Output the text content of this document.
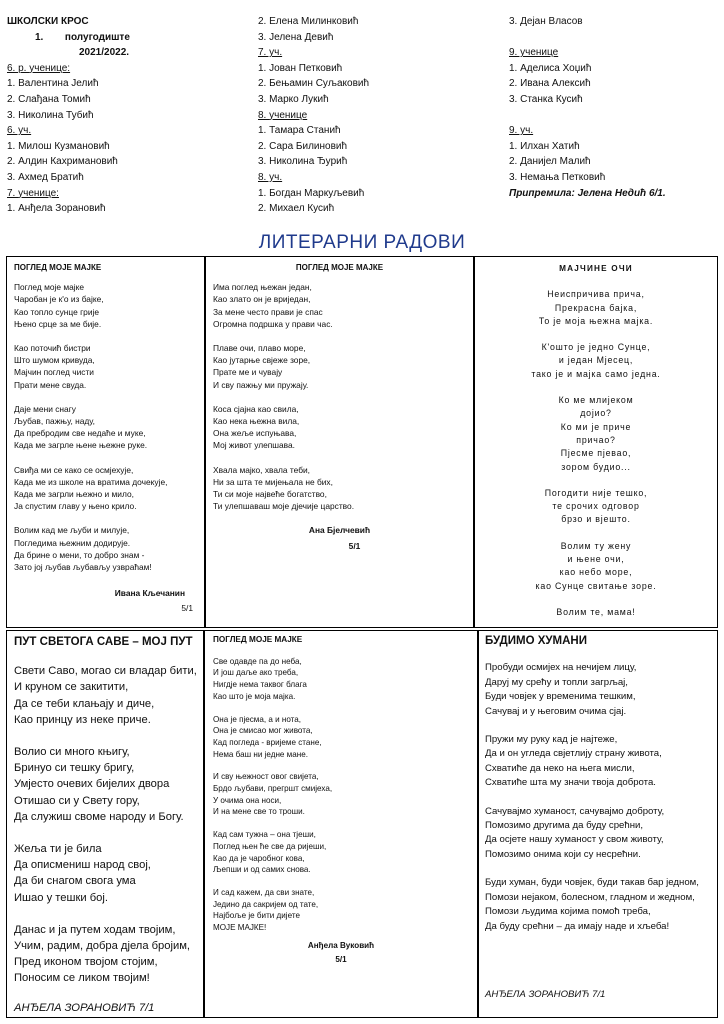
ШКОЛСКИ КРОС
1. полугодиште
2021/2022.
6. р. ученице:
1. Валентина Јелић
2. Слађана Томић
3. Николина Тубић
6. уч.
1. Милош Кузмановић
2. Алдин Кахримановић
3. Ахмед Братић
7. ученице:
1. Анђела Зорановић
2. Елена Милинковић
3. Јелена Девић
7. уч.
1. Јован Петковић
2. Бењамин Суљаковић
3. Марко Лукић
8. ученице
1. Тамара Станић
2. Сара Билиновић
3. Николина Ђурић
8. уч.
1. Богдан Маркуљевић
2. Михаел Кусић
3. Дејан Власов
9. ученице
1. Аделиса Хоџић
2. Ивана Алексић
3. Станка Кусић
9. уч.
1. Илхан Хатић
2. Данијел Малић
3. Немања Петковић
Припремила: Јелена Недић 6/1.
ЛИТЕРАРНИ РАДОВИ
ПОГЛЕД МОЈЕ МАЈКЕ
Поглед моје мајке
Чаробан је к'о из бајке,
Као топло сунце грије
Њено срце за ме бије.
Као поточић бистри
Што шумом кривуда,
Мајчин поглед чисти
Прати мене свуда.
Даје мени снагу
Љубав, пажњу, наду,
Да пребродим све недаће и муке,
Када ме загрле њене њежне руке.
Свиђа ми се како се осмјехује,
Када ме из школе на вратима дочекује,
Када ме загрли њежно и мило,
Ја спустим главу у њено крило.
Волим кад ме љуби и милује,
Погледима њежним додирује.
Да брине о мени, то добро знам -
Зато јој љубав љубављу узвраћам!
Ивана Кљечанин
5/1
ПОГЛЕД МОЈЕ МАЈКЕ
Има поглед њежан један,
Као злато он је вриједан,
За мене често прави је спас
Огромна подршка у прави час.
Плаве очи, плаво море,
Као јутарње свјеже зоре,
Прате ме и чувају
И сву пажњу ми пружају.
Коса сјајна као свила,
Као нека њежна вила,
Она жеље испуњава,
Мој живот улепшава.
Хвала мајко, хвала теби,
Ни за шта те мијењала не бих,
Ти си моје највеће богатство,
Ти улепшаваш моје дјечије царство.
Ана Бјелчевић
5/1
МАЈЧИНЕ ОЧИ
Неиспричива прича,
Прекрасна бајка,
То је моја њежна мајка.
К'ошто је једно Сунце,
и један Мјесец,
тако је и мајка само једна.
Ко ме млијеком
дојио?
Ко ми је приче
причао?
Пјесме пјевао,
зором будио...
Погодити није тешко,
те срочих одговор
брзо и вјешто.
Волим ту жену
и њене очи,
као небо море,
као Сунце свитање зоре.
Волим те, мама!
ПУТ СВЕТОГА САВЕ – МОЈ ПУТ
Свети Саво, могао си владар бити,
И круном се закитити,
Да се теби клањају и диче,
Као принцу из неке приче.
Волио си много књигу,
Бринуо си тешку бригу,
Умјесто очевих бијелих двора
Отишао си у Свету гору,
Да служиш своме народу и Богу.
Жеља ти је била
Да описмениш народ свој,
Да би снагом свога ума
Ишао у тешки бој.
Данас и ја путем ходам твојим,
Учим, радим, добра дјела бројим,
Пред иконом твојом стојим,
Поносим се ликом твојим!
АНЂЕЛА ЗОРАНОВИЋ 7/1
ПОГЛЕД МОЈЕ МАЈКЕ
Све одавде па до неба,
И још даље ако треба,
Нигдје нема таквог блага
Као што је моја мајка.
Она је пјесма, а и нота,
Она је смисао мог живота,
Кад погледа - вријеме стане,
Нема баш ни једне мане.
И сву њежност овог свијета,
Брдо љубави, прегршт смијеха,
У очима она носи,
И на мене све то троши.
Кад сам тужна – она тјеши,
Поглед њен ће све да ријеши,
Као да је чаробног кова,
Љепши и од самих снова.
И сад кажем, да сви знате,
Једино да сакријем од тате,
Најбоље је бити дијете
МОЈЕ МАЈКЕ!
Анђела Вуковић
5/1
БУДИМО ХУМАНИ
Пробуди осмијех на нечијем лицу,
Даруј му срећу и топли загрљај,
Буди човјек у временима тешким,
Сачувај и у његовим очима сјај.
Пружи му руку кад је најтеже,
Да и он угледа свјетлију страну живота,
Схватиће да неко на њега мисли,
Схватиће шта му значи твоја доброта.
Сачувајмо хуманост, сачувајмо доброту,
Помозимо другима да буду срећни,
Да осјете нашу хуманост у свом животу,
Помозимо онима који су несрећни.
Буди хуман, буди човјек, буди такав бар једном,
Помози нејаком, болесном, гладном и жедном,
Помози људима којима помоћ треба,
Да буду срећни – да имају наде и хљеба!
АНЂЕЛА ЗОРАНОВИЋ 7/1
